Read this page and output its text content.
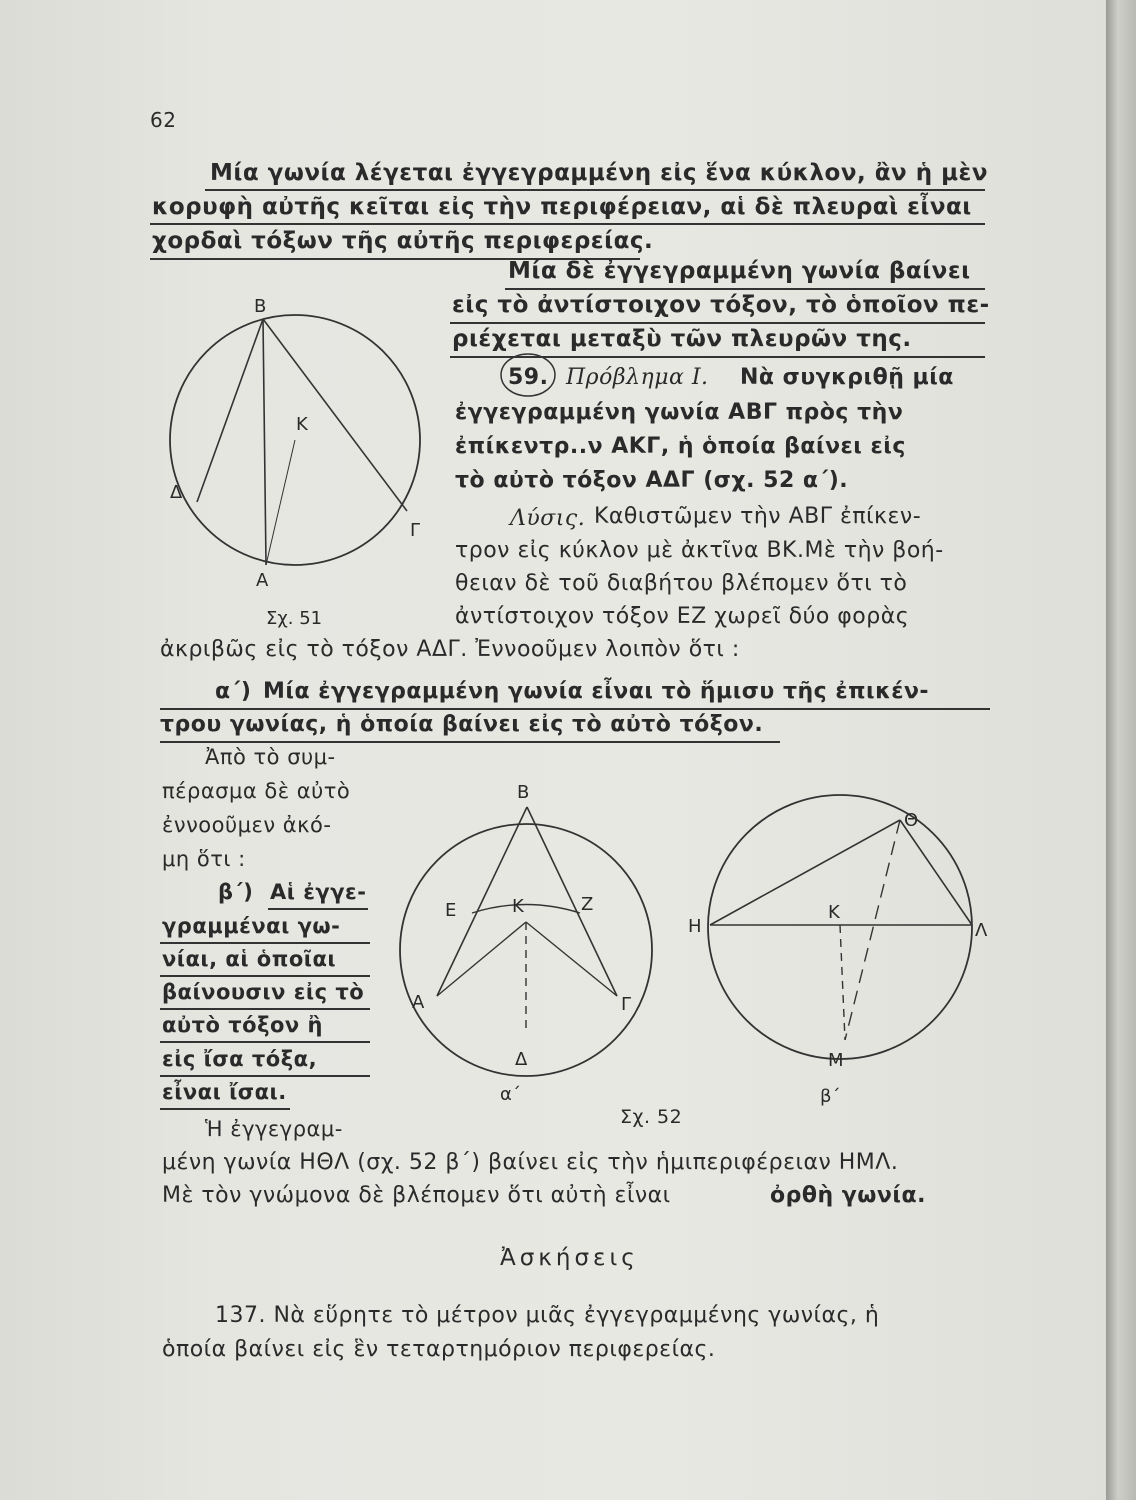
62
Μία γωνία λέγεται ἐγγεγραμμένη εἰς ἕνα κύκλον, ἂν ἡ μὲν
κορυφὴ αὐτῆς κεῖται εἰς τὴν περιφέρειαν, αἱ δὲ πλευραὶ εἶναι
χορδαὶ τόξων τῆς αὐτῆς περιφερείας.
Μία δὲ ἐγγεγραμμένη γωνία βαίνει
εἰς τὸ ἀντίστοιχον τόξον, τὸ ὁποῖον πε-
ριέχεται μεταξὺ τῶν πλευρῶν της.
59. Πρόβλημα I. Νὰ συγκριθῇ μία
ἐγγεγραμμένη γωνία ΑΒΓ πρὸς τὴν
ἐπίκεντρ..ν ΑΚΓ, ἡ ὁποία βαίνει εἰς
τὸ αὐτὸ τόξον ΑΔΓ (σχ. 52 α΄).
Λύσις. Καθιστῶμεν τὴν ΑΒΓ ἐπίκεν-
τρον εἰς κύκλον μὲ ἀκτῖνα ΒΚ.Μὲ τὴν βοή-
θειαν δὲ τοῦ διαβήτου βλέπομεν ὅτι τὸ
ἀντίστοιχον τόξον ΕΖ χωρεῖ δύο φορὰς
ἀκριβῶς εἰς τὸ τόξον ΑΔΓ. Ἐννοοῦμεν λοιπὸν ὅτι :
α΄) Μία ἐγγεγραμμένη γωνία εἶναι τὸ ἥμισυ τῆς ἐπικέν-
τρου γωνίας, ἡ ὁποία βαίνει εἰς τὸ αὐτὸ τόξον.
Ἀπὸ τὸ συμ-
πέρασμα δὲ αὐτὸ
ἐννοοῦμεν ἀκό-
μη ὅτι :
β΄) Αἱ ἐγγε-
γραμμέναι γω-
νίαι, αἱ ὁποῖαι
βαίνουσιν εἰς τὸ
αὐτὸ τόξον ἢ
εἰς ἴσα τόξα,
εἶναι ἴσαι.
Ἡ ἐγγεγραμ-
μένη γωνία ΗΘΛ (σχ. 52 β΄) βαίνει εἰς τὴν ἡμιπεριφέρειαν ΗΜΛ.
Μὲ τὸν γνώμονα δὲ βλέπομεν ὅτι αὐτὴ εἶναι	ὀρθὴ γωνία.
Ἀσκήσεις
137. Νὰ εὕρητε τὸ μέτρον μιᾶς ἐγγεγραμμένης γωνίας, ἡ
ὁποία βαίνει εἰς ἓν τεταρτημόριον περιφερείας.
Β
Κ
Δ
Γ
Α
Σχ. 51
Β
Ε	Κ	Ζ
Α	Γ
Δ
α΄
Θ
Η
Κ
Λ
Μ
β΄
Σχ. 52
